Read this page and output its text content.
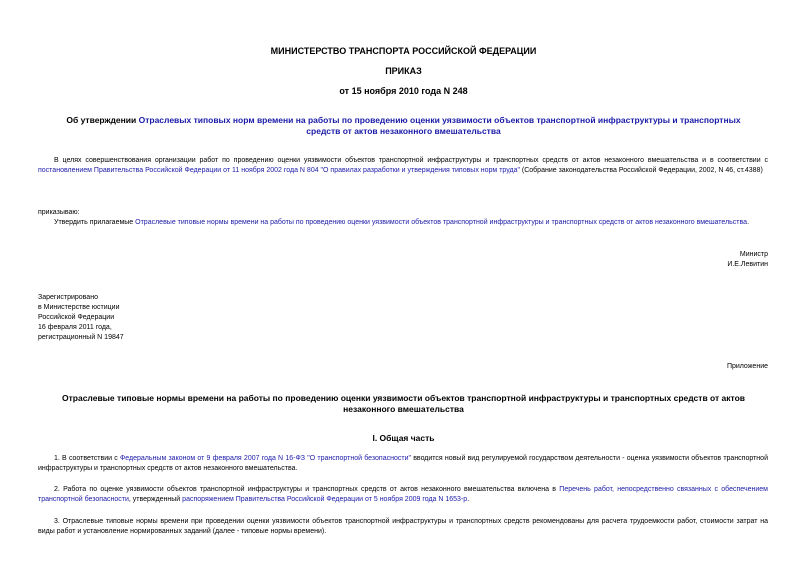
МИНИСТЕРСТВО ТРАНСПОРТА РОССИЙСКОЙ ФЕДЕРАЦИИ
ПРИКАЗ
от 15 ноября 2010 года N 248
Об утверждении Отраслевых типовых норм времени на работы по проведению оценки уязвимости объектов транспортной инфраструктуры и транспортных средств от актов незаконного вмешательства
В целях совершенствования организации работ по проведению оценки уязвимости объектов транспортной инфраструктуры и транспортных средств от актов незаконного вмешательства и в соответствии с постановлением Правительства Российской Федерации от 11 ноября 2002 года N 804 "О правилах разработки и утверждения типовых норм труда" (Собрание законодательства Российской Федерации, 2002, N 46, ст.4388)
приказываю:
Утвердить прилагаемые Отраслевые типовые нормы времени на работы по проведению оценки уязвимости объектов транспортной инфраструктуры и транспортных средств от актов незаконного вмешательства.
Министр
И.Е.Левитин
Зарегистрировано
в Министерстве юстиции
Российской Федерации
16 февраля 2011 года,
регистрационный N 19847
Приложение
Отраслевые типовые нормы времени на работы по проведению оценки уязвимости объектов транспортной инфраструктуры и транспортных средств от актов незаконного вмешательства
I. Общая часть
1. В соответствии с Федеральным законом от 9 февраля 2007 года N 16-ФЗ "О транспортной безопасности" вводится новый вид регулируемой государством деятельности - оценка уязвимости объектов транспортной инфраструктуры и транспортных средств от актов незаконного вмешательства.
2. Работа по оценке уязвимости объектов транспортной инфраструктуры и транспортных средств от актов незаконного вмешательства включена в Перечень работ, непосредственно связанных с обеспечением транспортной безопасности, утвержденный распоряжением Правительства Российской Федерации от 5 ноября 2009 года N 1653-р.
3. Отраслевые типовые нормы времени при проведении оценки уязвимости объектов транспортной инфраструктуры и транспортных средств рекомендованы для расчета трудоемкости работ, стоимости затрат на виды работ и установление нормированных заданий (далее - типовые нормы времени).
